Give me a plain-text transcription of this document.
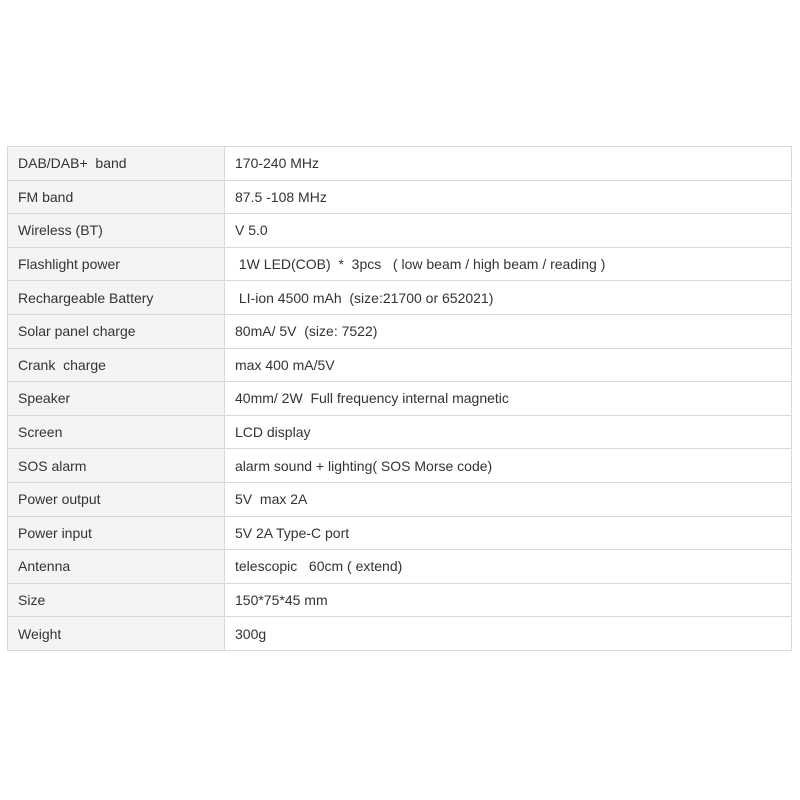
DAB/DAB+  band	170-240 MHz
FM band	87.5 -108 MHz
Wireless (BT)	V 5.0
Flashlight power	1W LED(COB)  *  3pcs   ( low beam / high beam / reading )
Rechargeable Battery	LI-ion 4500 mAh  (size:21700 or 652021)
Solar panel charge	80mA/ 5V  (size: 7522)
Crank  charge	max 400 mA/5V
Speaker	40mm/ 2W  Full frequency internal magnetic
Screen	LCD display
SOS alarm	alarm sound + lighting( SOS Morse code)
Power output	5V  max 2A
Power input	5V 2A Type-C port
Antenna	telescopic   60cm ( extend)
Size	150*75*45 mm
Weight	300g
